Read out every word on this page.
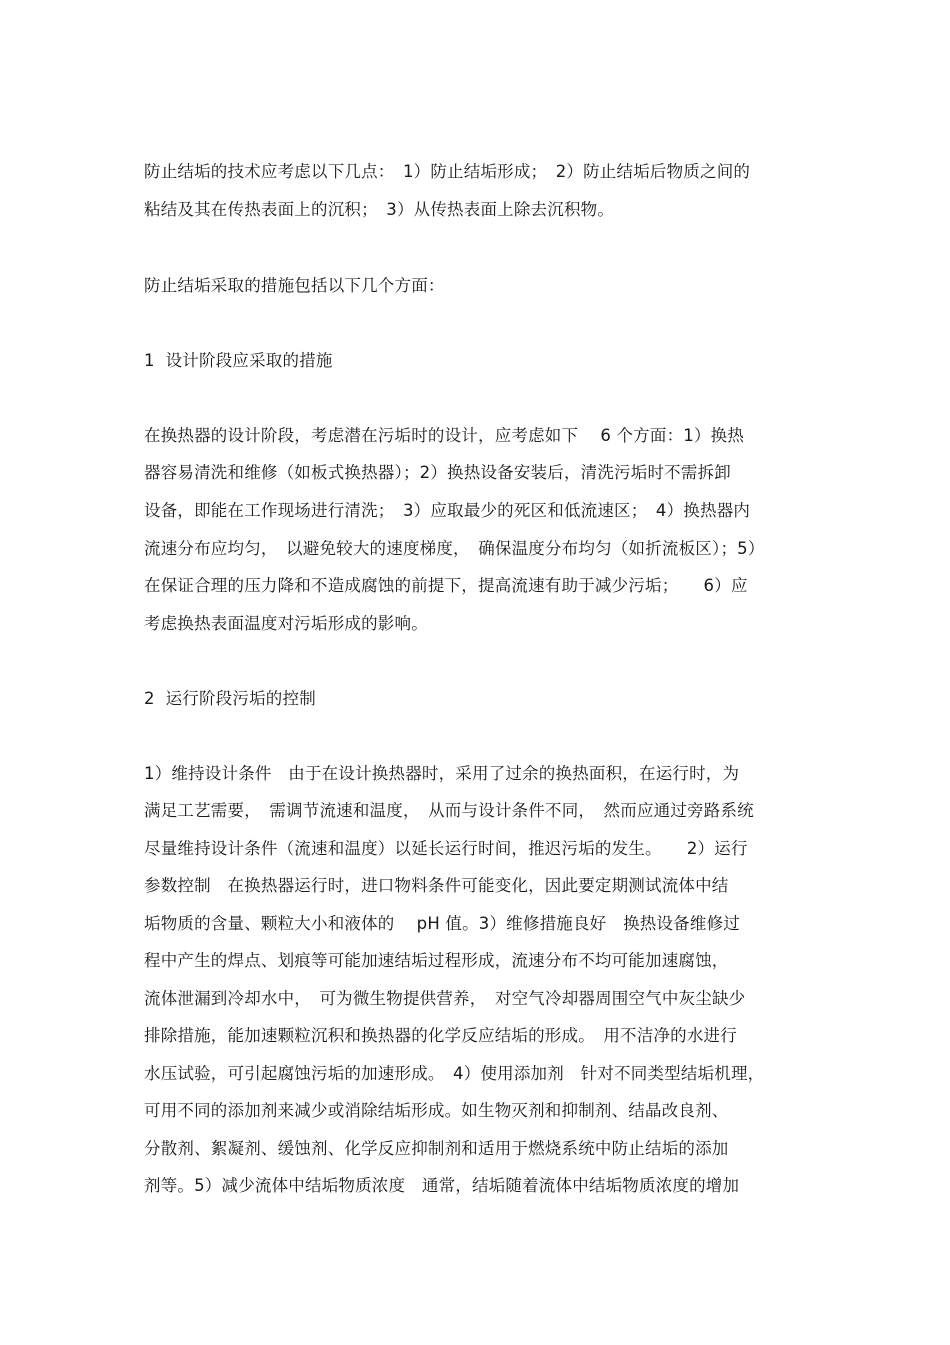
防止结垢的技术应考虑以下几点：　1）防止结垢形成；　2）防止结垢后物质之间的
粘结及其在传热表面上的沉积；　3）从传热表面上除去沉积物。
防止结垢采取的措施包括以下几个方面：
1  设计阶段应采取的措施
在换热器的设计阶段，考虑潜在污垢时的设计，应考虑如下　 6 个方面：1）换热
器容易清洗和维修（如板式换热器）；2）换热设备安装后，清洗污垢时不需拆卸
设备，即能在工作现场进行清洗；　3）应取最少的死区和低流速区；　4）换热器内
流速分布应均匀，　以避免较大的速度梯度，　确保温度分布均匀（如折流板区）；5）
在保证合理的压力降和不造成腐蚀的前提下，提高流速有助于减少污垢；　　6）应
考虑换热表面温度对污垢形成的影响。
2  运行阶段污垢的控制
1）维持设计条件　由于在设计换热器时，采用了过余的换热面积，在运行时，为
满足工艺需要，　需调节流速和温度，　从而与设计条件不同，　然而应通过旁路系统
尽量维持设计条件（流速和温度）以延长运行时间，推迟污垢的发生。　　2）运行
参数控制　在换热器运行时，进口物料条件可能变化，因此要定期测试流体中结
垢物质的含量、颗粒大小和液体的　 pH 值。3）维修措施良好　换热设备维修过
程中产生的焊点、划痕等可能加速结垢过程形成，流速分布不均可能加速腐蚀，
流体泄漏到冷却水中，　可为微生物提供营养，　对空气冷却器周围空气中灰尘缺少
排除措施，能加速颗粒沉积和换热器的化学反应结垢的形成。　用不洁净的水进行
水压试验，可引起腐蚀污垢的加速形成。　4）使用添加剂　针对不同类型结垢机理，
可用不同的添加剂来减少或消除结垢形成。如生物灭剂和抑制剂、结晶改良剂、
分散剂、絮凝剂、缓蚀剂、化学反应抑制剂和适用于燃烧系统中防止结垢的添加
剂等。5）减少流体中结垢物质浓度　通常，结垢随着流体中结垢物质浓度的增加
